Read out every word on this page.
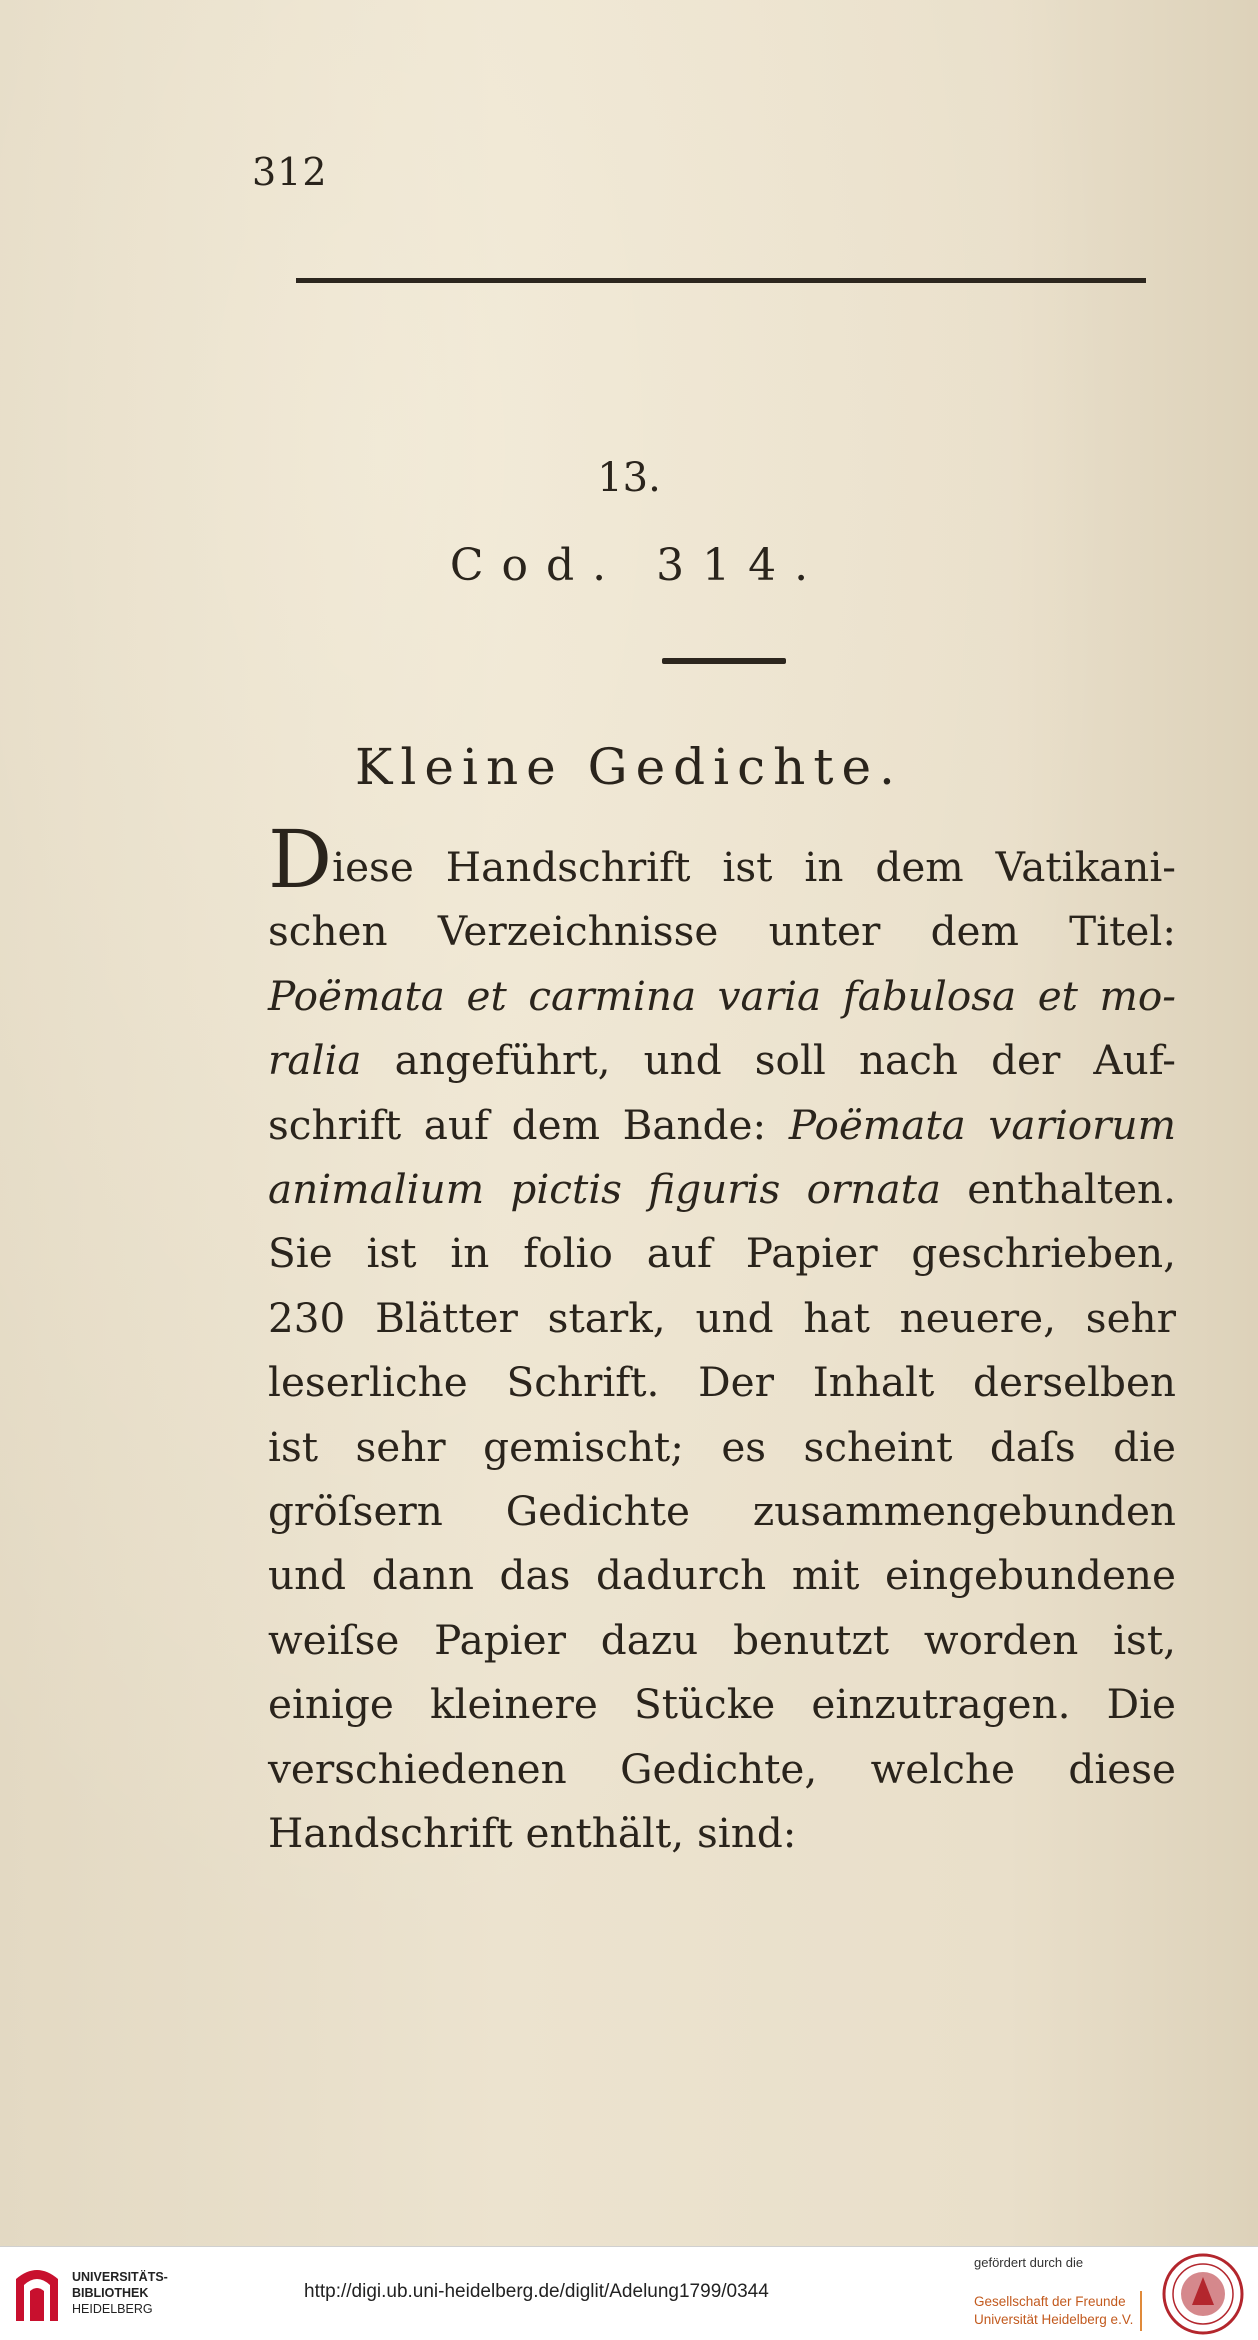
312
13.
Cod. 314.
Kleine Gedichte.
Diese Handschrift ist in dem Vatikani-
schen Verzeichnisse unter dem Titel:
Poëmata et carmina varia fabulosa et mo-
ralia angeführt, und soll nach der Auf-
schrift auf dem Bande: Poëmata variorum
animalium pictis figuris ornata enthalten.
Sie ist in folio auf Papier geschrieben,
230 Blätter stark, und hat neuere, sehr
leserliche Schrift. Der Inhalt derselben
ist sehr gemischt; es scheint daſs die
gröſsern Gedichte zusammengebunden
und dann das dadurch mit eingebundene
weiſse Papier dazu benutzt worden ist,
einige kleinere Stücke einzutragen. Die
verschiedenen Gedichte, welche diese
Handschrift enthält, sind:
UNIVERSITÄTS-
BIBLIOTHEK
HEIDELBERG
http://digi.ub.uni-heidelberg.de/diglit/Adelung1799/0344
gefördert durch die
Gesellschaft der Freunde
Universität Heidelberg e.V.
